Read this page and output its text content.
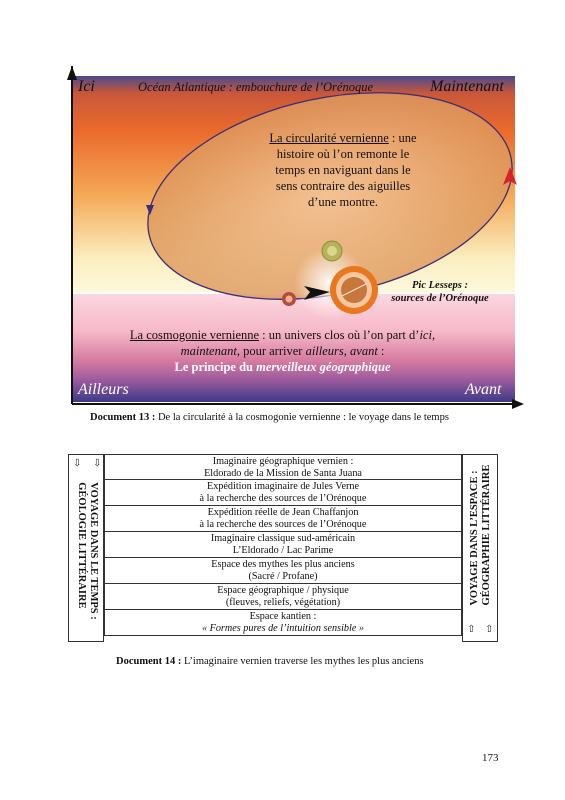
Ici	Maintenant
Ailleurs	Avant
Océan Atlantique : embouchure de l’Orénoque
La circularité vernienne : une histoire où l’on remonte le temps en naviguant dans le sens contraire des aiguilles d’une montre.
Pic Lesseps :
sources de l’Orénoque
La cosmogonie vernienne : un univers clos où l’on part d’ici, maintenant, pour arriver ailleurs, avant :
Le principe du merveilleux géographique
Document 13 : De la circularité à la cosmogonie vernienne : le voyage dans le temps
⇩ ⇩
VOYAGE DANS LE TEMPS :
GÉOLOGIE LITTÉRAIRE
Imaginaire géographique vernien :
Eldorado de la Mission de Santa Juana
Expédition imaginaire de Jules Verne
à la recherche des sources de l’Orénoque
Expédition réelle de Jean Chaffanjon
à la recherche des sources de l’Orénoque
Imaginaire classique sud-américain
L’Eldorado / Lac Parime
Espace des mythes les plus anciens
(Sacré / Profane)
Espace géographique / physique
(fleuves, reliefs, végétation)
Espace kantien :
« Formes pures de l’intuition sensible »
VOYAGE DANS L’ESPACE : GÉOGRAPHIE LITTÉRAIRE
⇧ ⇧
Document 14 : L’imaginaire vernien traverse les mythes les plus anciens
173
